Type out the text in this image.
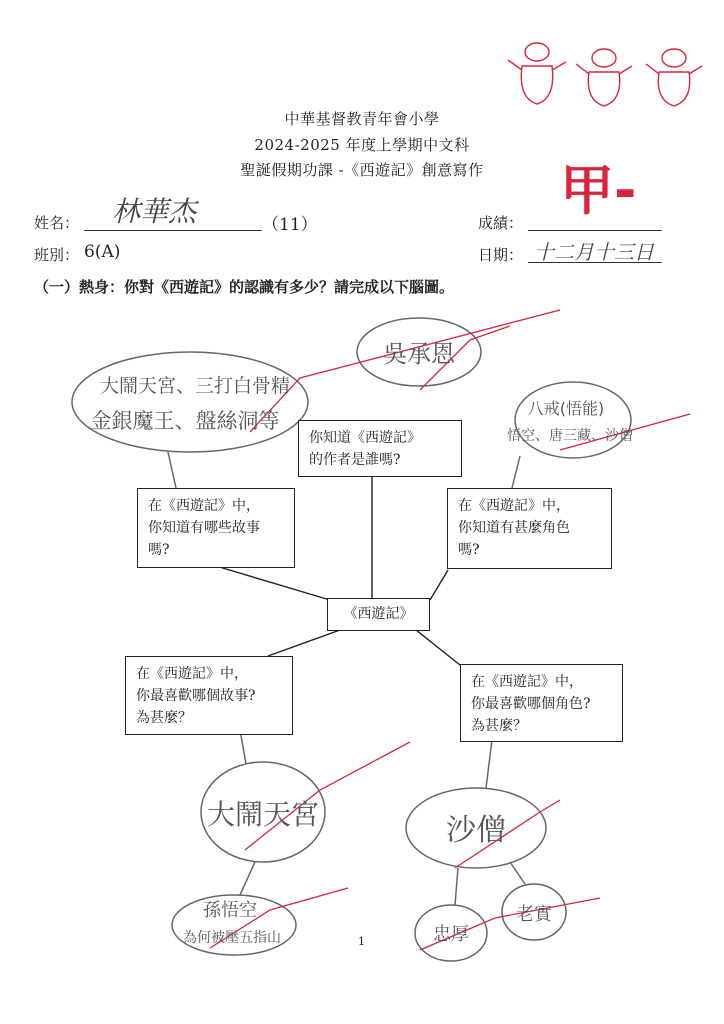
吳承恩
大鬧天宮、三打白骨精
金銀魔王、盤絲洞等
八戒(悟能)
悟空、唐三藏、沙僧
大鬧天宮
孫悟空
為何被壓五指山
沙僧
忠厚
老實
中華基督教青年會小學
2024-2025 年度上學期中文科
聖誕假期功課 -《西遊記》創意寫作
姓名： 林華杰	（11）	成績：
甲-
班別： 6(A)	日期： 十二月十三日
（一）熱身：你對《西遊記》的認識有多少？請完成以下腦圖。
你知道《西遊記》
的作者是誰嗎?
在《西遊記》中，
你知道有哪些故事
嗎?
在《西遊記》中，
你知道有甚麼角色
嗎?
《西遊記》
在《西遊記》中，
你最喜歡哪個故事?
為甚麼？
在《西遊記》中，
你最喜歡哪個角色?
為甚麼？
1
